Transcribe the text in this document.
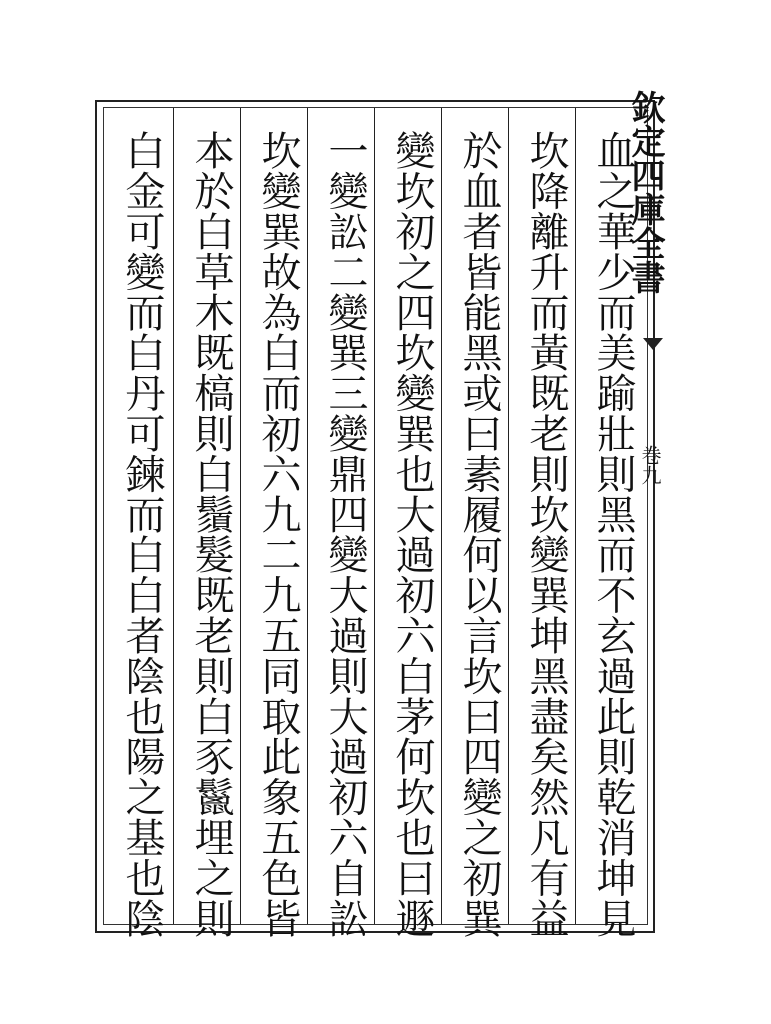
欽定四庫全書
卷九
血之華少而美踰壯則黑而不玄過此則乾消坤見
坎降離升而黃既老則坎變巽坤黑盡矣然凡有益
於血者皆能黑或曰素履何以言坎曰四變之初巽
變坎初之四坎變巽也大過初六白茅何坎也曰遯
一變訟二變巽三變鼎四變大過則大過初六自訟
坎變巽故為白而初六九二九五同取此象五色皆
本於白草木既槁則白鬚髮既老則白豕鬣埋之則
白金可變而白丹可鍊而白白者陰也陽之基也陰
